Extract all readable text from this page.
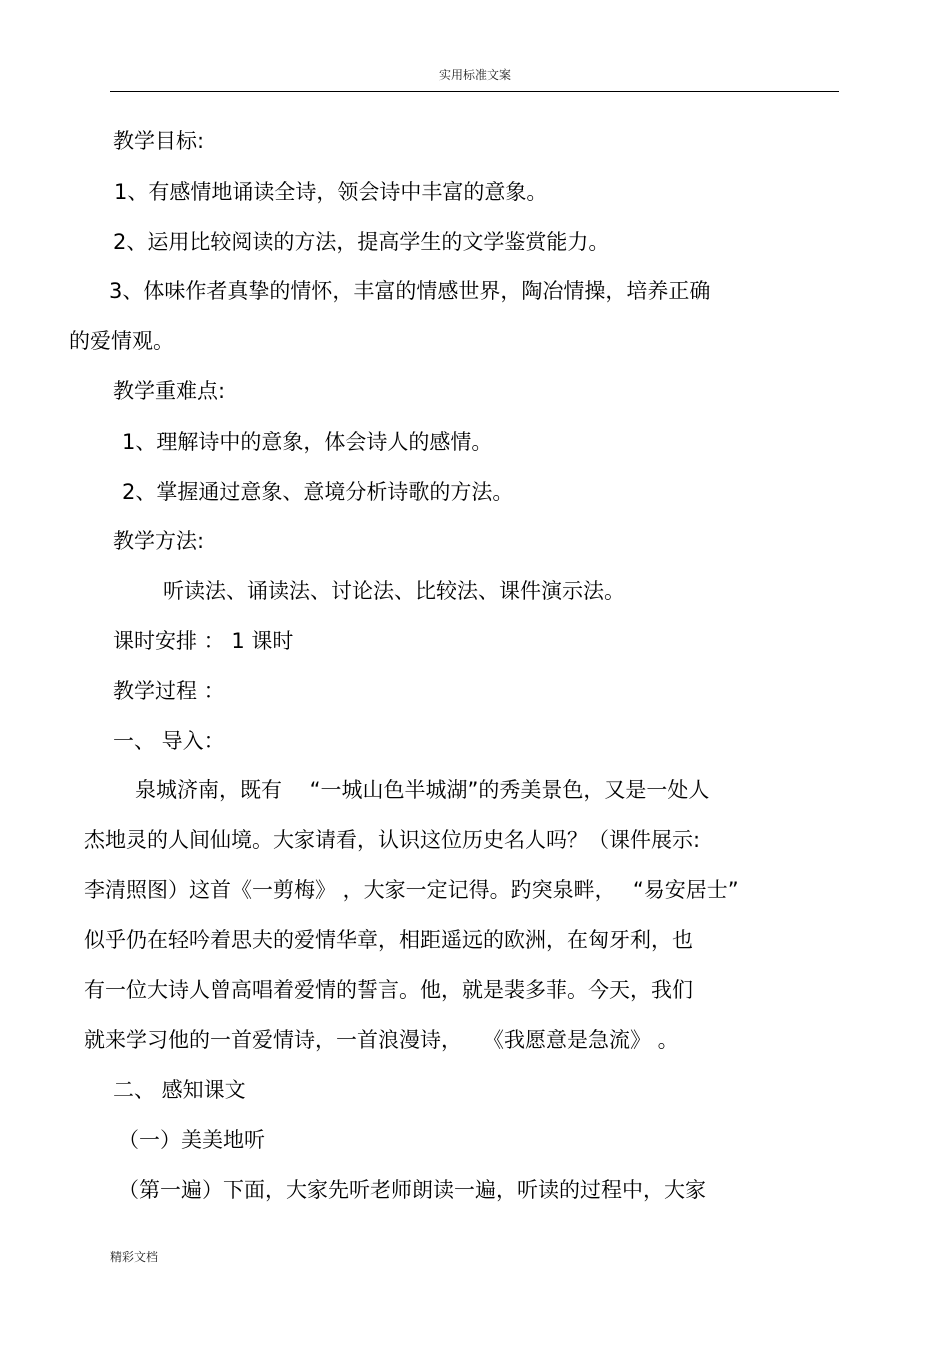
实用标准文案
教学目标:
1、有感情地诵读全诗，领会诗中丰富的意象。
2、运用比较阅读的方法，提高学生的文学鉴赏能力。
3、体味作者真挚的情怀，丰富的情感世界，陶冶情操，培养正确
的爱情观。
教学重难点:
1、理解诗中的意象，体会诗人的感情。
2、掌握通过意象、意境分析诗歌的方法。
教学方法:
听读法、诵读法、讨论法、比较法、课件演示法。
课时安排 ： 1 课时
教学过程 ：
一、 导入：
泉城济南，既有　 “一城山色半城湖”的秀美景色，又是一处人
杰地灵的人间仙境。大家请看，认识这位历史名人吗？（课件展示:
李清照图）这首《一剪梅》 ，大家一定记得。趵突泉畔，　 “易安居士”
似乎仍在轻吟着思夫的爱情华章，相距遥远的欧洲，在匈牙利，也
有一位大诗人曾高唱着爱情的誓言。他，就是裴多菲。今天，我们
就来学习他的一首爱情诗，一首浪漫诗，　　《我愿意是急流》 。
二、 感知课文
（一）美美地听
（第一遍）下面，大家先听老师朗读一遍，听读的过程中，大家
精彩文档
